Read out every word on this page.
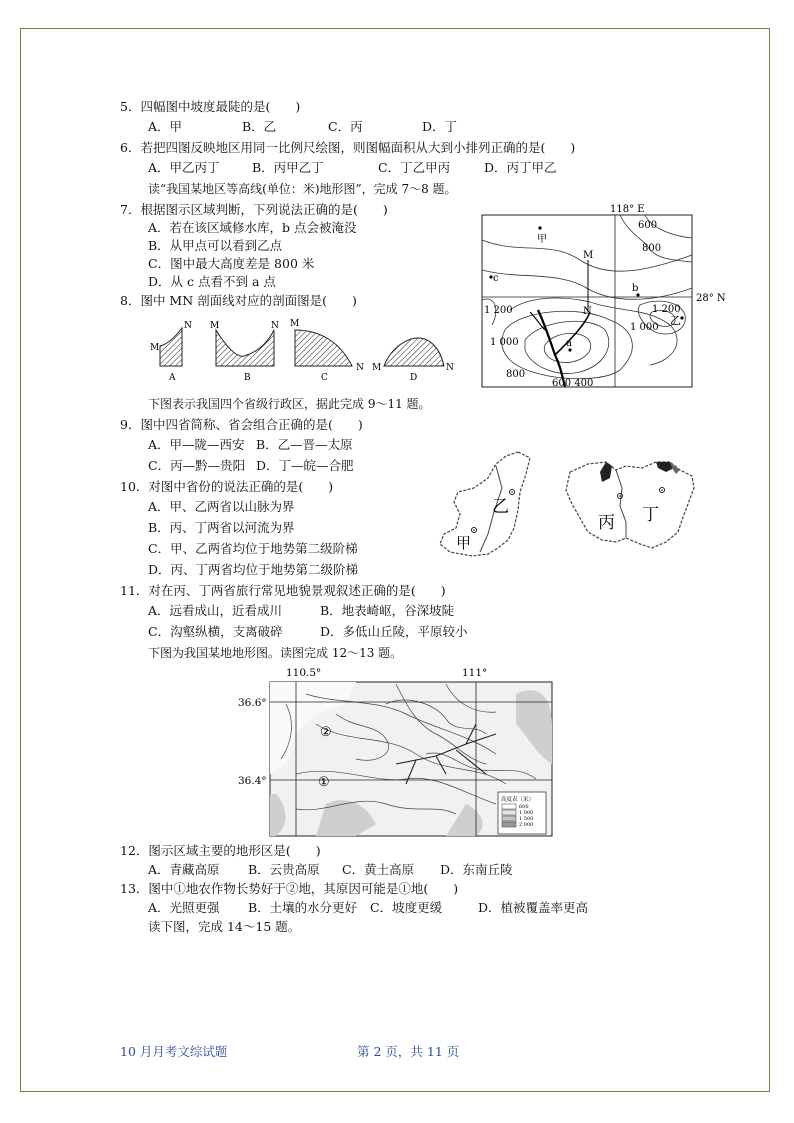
5．四幅图中坡度最陡的是(　　)
A．甲	B．乙	C．丙	D．丁
6．若把四图反映地区用同一比例尺绘图，则图幅面积从大到小排列正确的是(　　)
A．甲乙丙丁	B．丙甲乙丁	C．丁乙甲丙	D．丙丁甲乙
读“我国某地区等高线(单位：米)地形图”，完成 7～8 题。
7．根据图示区域判断，下列说法正确的是(　　)
A．若在该区域修水库，b 点会被淹没
B．从甲点可以看到乙点
C．图中最大高度差是 800 米
D．从 c 点看不到 a 点
8．图中 MN 剖面线对应的剖面图是(　　)
118° E
28° N
600
800
1 200
1 000
1 200
1 000
800
600 400
甲
乙
M
N
a
b
c
M
N
A
M	N
B
M
N
C
M	N
D
下图表示我国四个省级行政区，据此完成 9～11 题。
9．图中四省简称、省会组合正确的是(　　)
A．甲—陇—西安 B．乙—晋—太原
C．丙—黔—贵阳 D．丁—皖—合肥
10．对图中省份的说法正确的是(　　)
A．甲、乙两省以山脉为界
B．丙、丁两省以河流为界
C．甲、乙两省均位于地势第二级阶梯
D．丙、丁两省均位于地势第二级阶梯
乙
甲
丙 丁
11．对在丙、丁两省旅行常见地貌景观叙述正确的是(　　)
A．远看成山，近看成川	B．地表崎岖，谷深坡陡
C．沟壑纵横，支离破碎	D．多低山丘陵，平原较小
下图为我国某地地形图。读图完成 12～13 题。
110.5°	111°
36.6°
36.4°
②
①
高度表（米）
600
1 000
1 500
2 000
12．图示区域主要的地形区是(　　)
A．青藏高原 B．云贵高原 C．黄土高原 D．东南丘陵
13．图中①地农作物长势好于②地，其原因可能是①地(　　)
A．光照更强 B．土壤的水分更好 C．坡度更缓	D．植被覆盖率更高
读下图，完成 14～15 题。
10 月月考文综试题	第 2 页，共 11 页
